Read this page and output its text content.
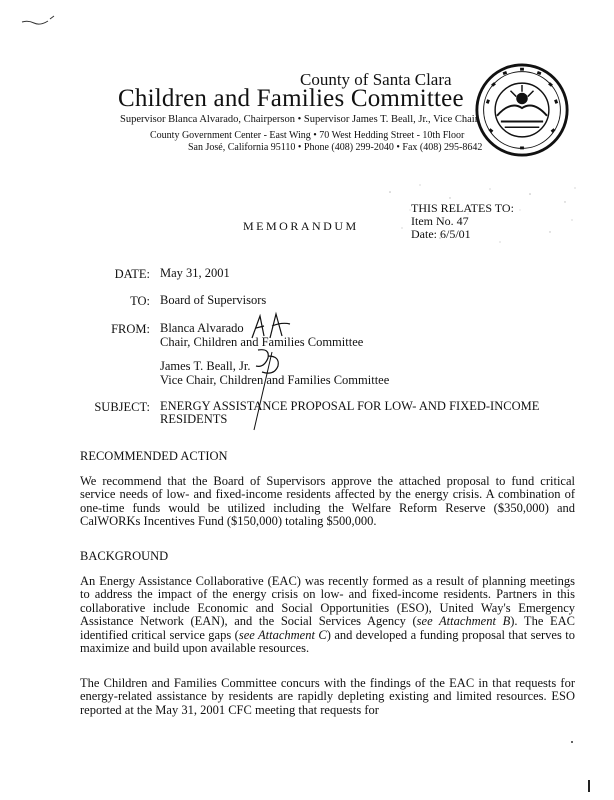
County of Santa Clara
Children and Families Committee
Supervisor Blanca Alvarado, Chairperson • Supervisor James T. Beall, Jr., Vice Chair
County Government Center - East Wing • 70 West Hedding Street - 10th Floor
San José, California 95110 • Phone (408) 299-2040 • Fax (408) 295-8642
MEMORANDUM
THIS RELATES TO:
Item No. 47
Date: 6/5/01
DATE: May 31, 2001
TO: Board of Supervisors
FROM: Blanca Alvarado
Chair, Children and Families Committee
James T. Beall, Jr.
Vice Chair, Children and Families Committee
SUBJECT: ENERGY ASSISTANCE PROPOSAL FOR LOW- AND FIXED-INCOME
RESIDENTS
RECOMMENDED ACTION
We recommend that the Board of Supervisors approve the attached proposal to fund critical service needs of low- and fixed-income residents affected by the energy crisis. A combination of one-time funds would be utilized including the Welfare Reform Reserve ($350,000) and CalWORKs Incentives Fund ($150,000) totaling $500,000.
BACKGROUND
An Energy Assistance Collaborative (EAC) was recently formed as a result of planning meetings to address the impact of the energy crisis on low- and fixed-income residents. Partners in this collaborative include Economic and Social Opportunities (ESO), United Way's Emergency Assistance Network (EAN), and the Social Services Agency (see Attachment B). The EAC identified critical service gaps (see Attachment C) and developed a funding proposal that serves to maximize and build upon available resources.
The Children and Families Committee concurs with the findings of the EAC in that requests for energy-related assistance by residents are rapidly depleting existing and limited resources. ESO reported at the May 31, 2001 CFC meeting that requests for
